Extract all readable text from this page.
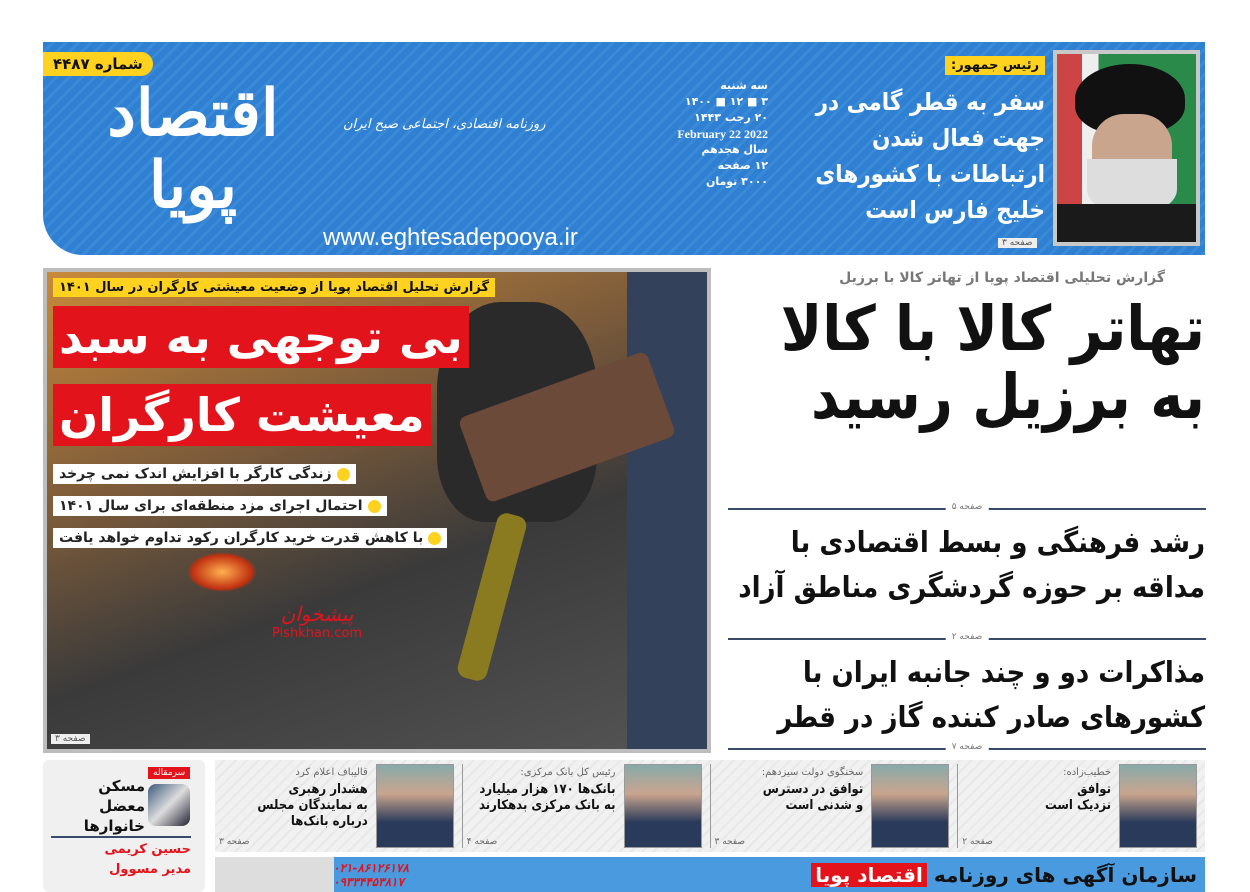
شماره ۴۴۸۷
اقتصاد پویا
روزنامه اقتصادی، اجتماعی صبح ایران
www.eghtesadepooya.ir
سه شنبه
۳ ■ ۱۲ ■ ۱۴۰۰
۲۰ رجب ۱۴۴۳
2022 February 22
سال هجدهم
۱۲ صفحه
۳۰۰۰ تومان
رئیس جمهور:
سفر به قطر گامی در جهت فعال شدن ارتباطات با کشورهای خلیج فارس است
صفحه ۳
گزارش تحلیل اقتصاد پویا از وضعیت معیشتی کارگران در سال ۱۴۰۱
بی توجهی به سبد
معیشت کارگران
زندگی کارگر با افزایش اندک نمی چرخد
احتمال اجرای مزد منطقه‌ای برای سال ۱۴۰۱
با کاهش قدرت خرید کارگران رکود تداوم خواهد یافت
پیشخوان
Pishkhan.com
صفحه ۳
گزارش تحلیلی اقتصاد پویا از تهاتر کالا با برزیل
تهاتر کالا با کالا به برزیل رسید
صفحه ۵
رشد فرهنگی و بسط اقتصادی با مداقه بر حوزه گردشگری مناطق آزاد
صفحه ۲
مذاکرات دو و چند جانبه ایران با کشورهای صادر کننده گاز در قطر
صفحه ۷
سرمقاله
مسکن معضل خانوارها
حسین کریمی
مدیر مسوول
خطیب‌زاده:
توافق
نزدیک است
صفحه ۲
سخنگوی دولت سیزدهم:
توافق در دسترس
و شدنی است
صفحه ۳
رئیس کل بانک مرکزی:
بانک‌ها ۱۷۰ هزار میلیارد
به بانک مرکزی بدهکارند
صفحه ۴
قالیباف اعلام کرد
هشدار رهبری
به نمایندگان مجلس
درباره بانک‌ها
صفحه ۳
۰۲۱-۸۶۱۲۶۱۷۸
۰۹۳۳۴۴۵۳۸۱۷	سازمان آگهی های روزنامه اقتصاد پویا
